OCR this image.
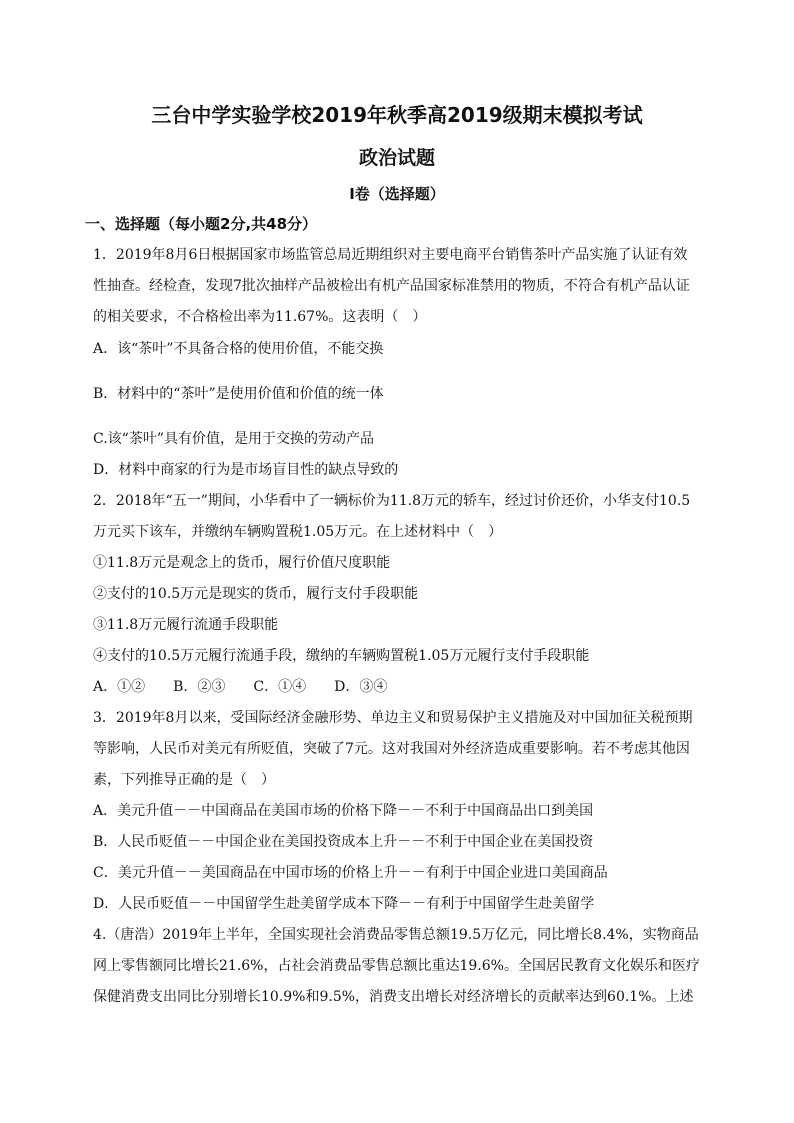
三台中学实验学校2019年秋季高2019级期末模拟考试
政治试题
Ⅰ卷（选择题）
一、选择题（每小题2分,共48分）
1．2019年8月6日根据国家市场监管总局近期组织对主要电商平台销售茶叶产品实施了认证有效
性抽查。经检查，发现7批次抽样产品被检出有机产品国家标准禁用的物质，不符合有机产品认证
的相关要求，不合格检出率为11.67%。这表明（　）
A．该“茶叶”不具备合格的使用价值，不能交换
B．材料中的“茶叶”是使用价值和价值的统一体
C.该“茶叶”具有价值，是用于交换的劳动产品
D．材料中商家的行为是市场盲目性的缺点导致的
2．2018年“五一”期间，小华看中了一辆标价为11.8万元的轿车，经过讨价还价，小华支付10.5
万元买下该车，并缴纳车辆购置税1.05万元。在上述材料中（　）
①11.8万元是观念上的货币，履行价值尺度职能
②支付的10.5万元是现实的货币，履行支付手段职能
③11.8万元履行流通手段职能
④支付的10.5万元履行流通手段，缴纳的车辆购置税1.05万元履行支付手段职能
A．①②　　B．②③　　C．①④　　D．③④
3．2019年8月以来，受国际经济金融形势、单边主义和贸易保护主义措施及对中国加征关税预期
等影响，人民币对美元有所贬值，突破了7元。这对我国对外经济造成重要影响。若不考虑其他因
素，下列推导正确的是（　）
A．美元升值－－中国商品在美国市场的价格下降－－不利于中国商品出口到美国
B．人民币贬值－－中国企业在美国投资成本上升－－不利于中国企业在美国投资
C．美元升值－－美国商品在中国市场的价格上升－－有利于中国企业进口美国商品
D．人民币贬值－－中国留学生赴美留学成本下降－－有利于中国留学生赴美留学
4.（唐浩）2019年上半年，全国实现社会消费品零售总额19.5万亿元，同比增长8.4%，实物商品
网上零售额同比增长21.6%，占社会消费品零售总额比重达19.6%。全国居民教育文化娱乐和医疗
保健消费支出同比分别增长10.9%和9.5%，消费支出增长对经济增长的贡献率达到60.1%。上述
